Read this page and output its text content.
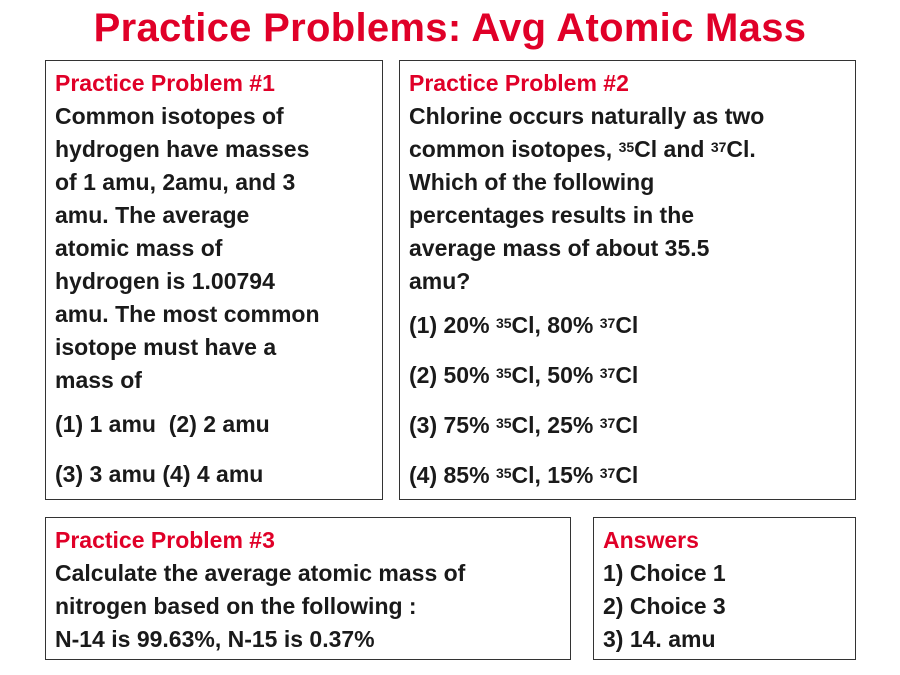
Practice Problems: Avg Atomic Mass
Practice Problem #1
Common isotopes of
hydrogen have masses
of 1 amu, 2amu, and 3
amu. The average
atomic mass of
hydrogen is 1.00794
amu. The most common
isotope must have a
mass of
(1) 1 amu  (2) 2 amu
(3) 3 amu (4) 4 amu
Practice Problem #2
Chlorine occurs naturally as two
common isotopes, $^{35}$Cl and $^{37}$Cl.
Which of the following
percentages results in the
average mass of about 35.5
amu?
(1) 20% $^{35}$Cl, 80% $^{37}$Cl
(2) 50% $^{35}$Cl, 50% $^{37}$Cl
(3) 75% $^{35}$Cl, 25% $^{37}$Cl
(4) 85% $^{35}$Cl, 15% $^{37}$Cl
Practice Problem #3
Calculate the average atomic mass of
nitrogen based on the following :
N-14 is 99.63%, N-15 is 0.37%
Answers
1) Choice 1
2) Choice 3
3) 14. amu
